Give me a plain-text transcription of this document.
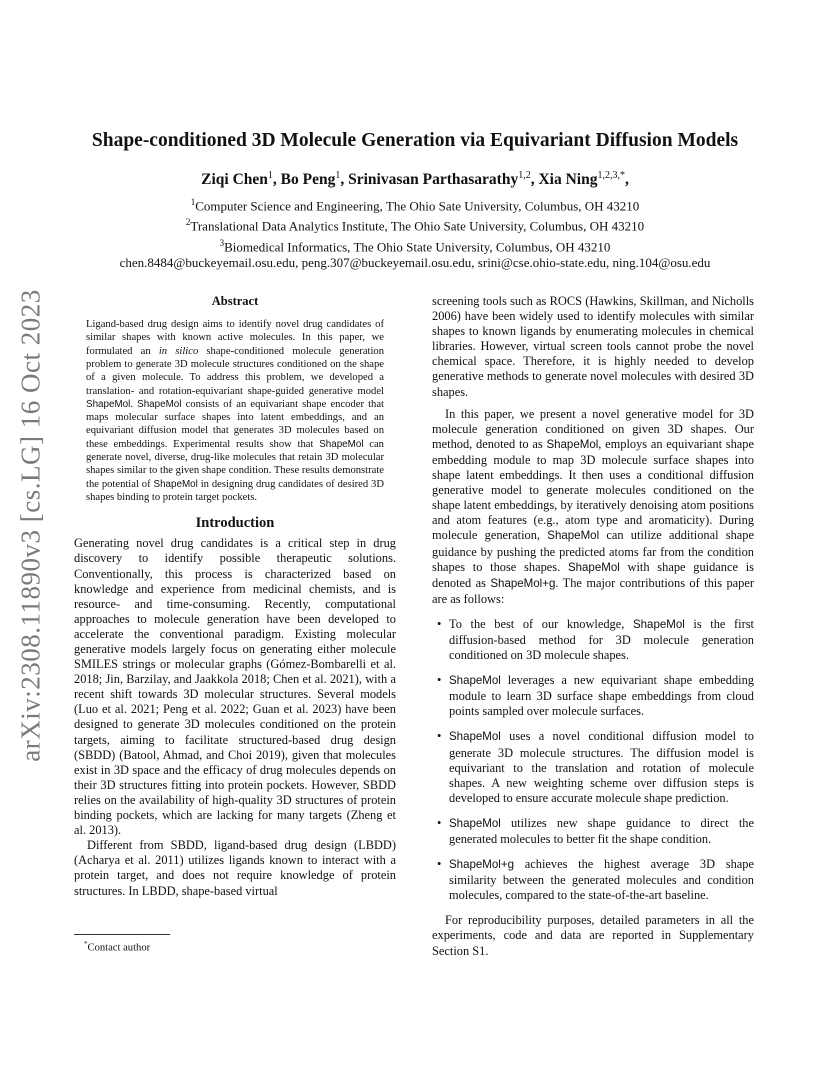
arXiv:2308.11890v3 [cs.LG] 16 Oct 2023
Shape-conditioned 3D Molecule Generation via Equivariant Diffusion Models
Ziqi Chen$^1$, Bo Peng$^1$, Srinivasan Parthasarathy$^{1,2}$, Xia Ning$^{1,2,3,*}$,
$^1$Computer Science and Engineering, The Ohio Sate University, Columbus, OH 43210
$^2$Translational Data Analytics Institute, The Ohio Sate University, Columbus, OH 43210
$^3$Biomedical Informatics, The Ohio State University, Columbus, OH 43210
chen.8484@buckeyemail.osu.edu, peng.307@buckeyemail.osu.edu, srini@cse.ohio-state.edu, ning.104@osu.edu
Abstract
Ligand-based drug design aims to identify novel drug candidates of similar shapes with known active molecules. In this paper, we formulated an in silico shape-conditioned molecule generation problem to generate 3D molecule structures conditioned on the shape of a given molecule. To address this problem, we developed a translation- and rotation-equivariant shape-guided generative model ShapeMol. ShapeMol consists of an equivariant shape encoder that maps molecular surface shapes into latent embeddings, and an equivariant diffusion model that generates 3D molecules based on these embeddings. Experimental results show that ShapeMol can generate novel, diverse, drug-like molecules that retain 3D molecular shapes similar to the given shape condition. These results demonstrate the potential of ShapeMol in designing drug candidates of desired 3D shapes binding to protein target pockets.
Introduction

Generating novel drug candidates is a critical step in drug discovery to identify possible therapeutic solutions. Conventionally, this process is characterized based on knowledge and experience from medicinal chemists, and is resource- and time-consuming. Recently, computational approaches to molecule generation have been developed to accelerate the conventional paradigm. Existing molecular generative models largely focus on generating either molecule SMILES strings or molecular graphs (Gómez-Bombarelli et al. 2018; Jin, Barzilay, and Jaakkola 2018; Chen et al. 2021), with a recent shift towards 3D molecular structures. Several models (Luo et al. 2021; Peng et al. 2022; Guan et al. 2023) have been designed to generate 3D molecules conditioned on the protein targets, aiming to facilitate structured-based drug design (SBDD) (Batool, Ahmad, and Choi 2019), given that molecules exist in 3D space and the efficacy of drug molecules depends on their 3D structures fitting into protein pockets. However, SBDD relies on the availability of high-quality 3D structures of protein binding pockets, which are lacking for many targets (Zheng et al. 2013).

Different from SBDD, ligand-based drug design (LBDD) (Acharya et al. 2011) utilizes ligands known to interact with a protein target, and does not require knowledge of protein structures. In LBDD, shape-based virtual

screening tools such as ROCS (Hawkins, Skillman, and Nicholls 2006) have been widely used to identify molecules with similar shapes to known ligands by enumerating molecules in chemical libraries. However, virtual screen tools cannot probe the novel chemical space. Therefore, it is highly needed to develop generative methods to generate novel molecules with desired 3D shapes.

In this paper, we present a novel generative model for 3D molecule generation conditioned on given 3D shapes. Our method, denoted to as ShapeMol, employs an equivariant shape embedding module to map 3D molecule surface shapes into shape latent embeddings. It then uses a conditional diffusion generative model to generate molecules conditioned on the shape latent embeddings, by iteratively denoising atom positions and atom features (e.g., atom type and aromaticity). During molecule generation, ShapeMol can utilize additional shape guidance by pushing the predicted atoms far from the condition shapes to those shapes. ShapeMol with shape guidance is denoted as ShapeMol+g. The major contributions of this paper are as follows:

• To the best of our knowledge, ShapeMol is the first diffusion-based method for 3D molecule generation conditioned on 3D molecule shapes.
• ShapeMol leverages a new equivariant shape embedding module to learn 3D surface shape embeddings from cloud points sampled over molecule surfaces.
• ShapeMol uses a novel conditional diffusion model to generate 3D molecule structures. The diffusion model is equivariant to the translation and rotation of molecule shapes. A new weighting scheme over diffusion steps is developed to ensure accurate molecule shape prediction.
• ShapeMol utilizes new shape guidance to direct the generated molecules to better fit the shape condition.
• ShapeMol+g achieves the highest average 3D shape similarity between the generated molecules and condition molecules, compared to the state-of-the-art baseline.

For reproducibility purposes, detailed parameters in all the experiments, code and data are reported in Supplementary Section S1.

*Contact author
